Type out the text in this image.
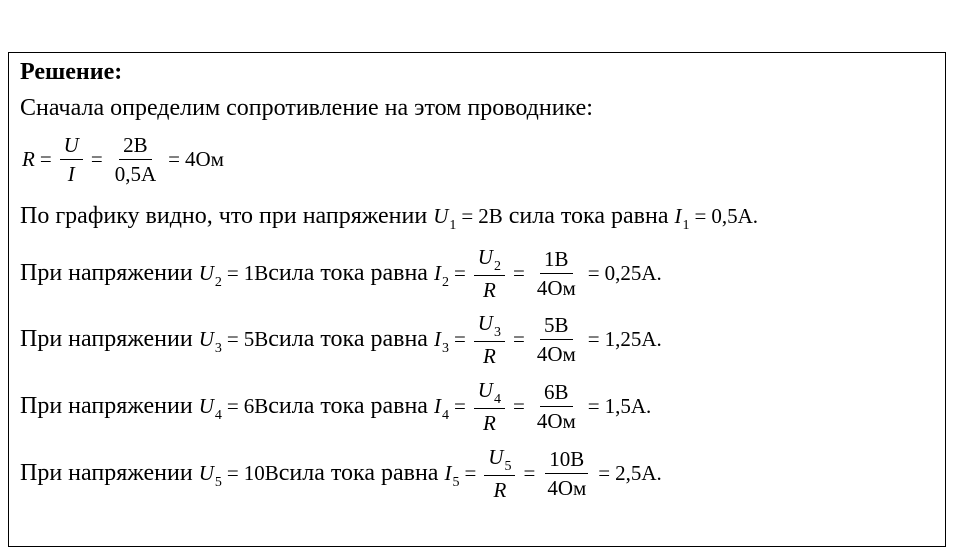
Решение:
Сначала определим сопротивление на этом проводнике:
$R = \frac{U}{I} = \frac{2B}{0,5A} = 4Ом$
По графику видно, что при напряжении $U_1 = 2B$ сила тока равна $I_1 = 0,5A$ .
При напряжении $U_2 = 1B$ сила тока равна $I_2 = \frac{U_2}{R} = \frac{1B}{4Ом} = 0,25A$ .
При напряжении $U_3 = 5B$ сила тока равна $I_3 = \frac{U_3}{R} = \frac{5B}{4Ом} = 1,25A$ .
При напряжении $U_4 = 6B$ сила тока равна $I_4 = \frac{U_4}{R} = \frac{6B}{4Ом} = 1,5A$ .
При напряжении $U_5 = 10B$ сила тока равна $I_5 = \frac{U_5}{R} = \frac{10B}{4Ом} = 2,5A$ .
